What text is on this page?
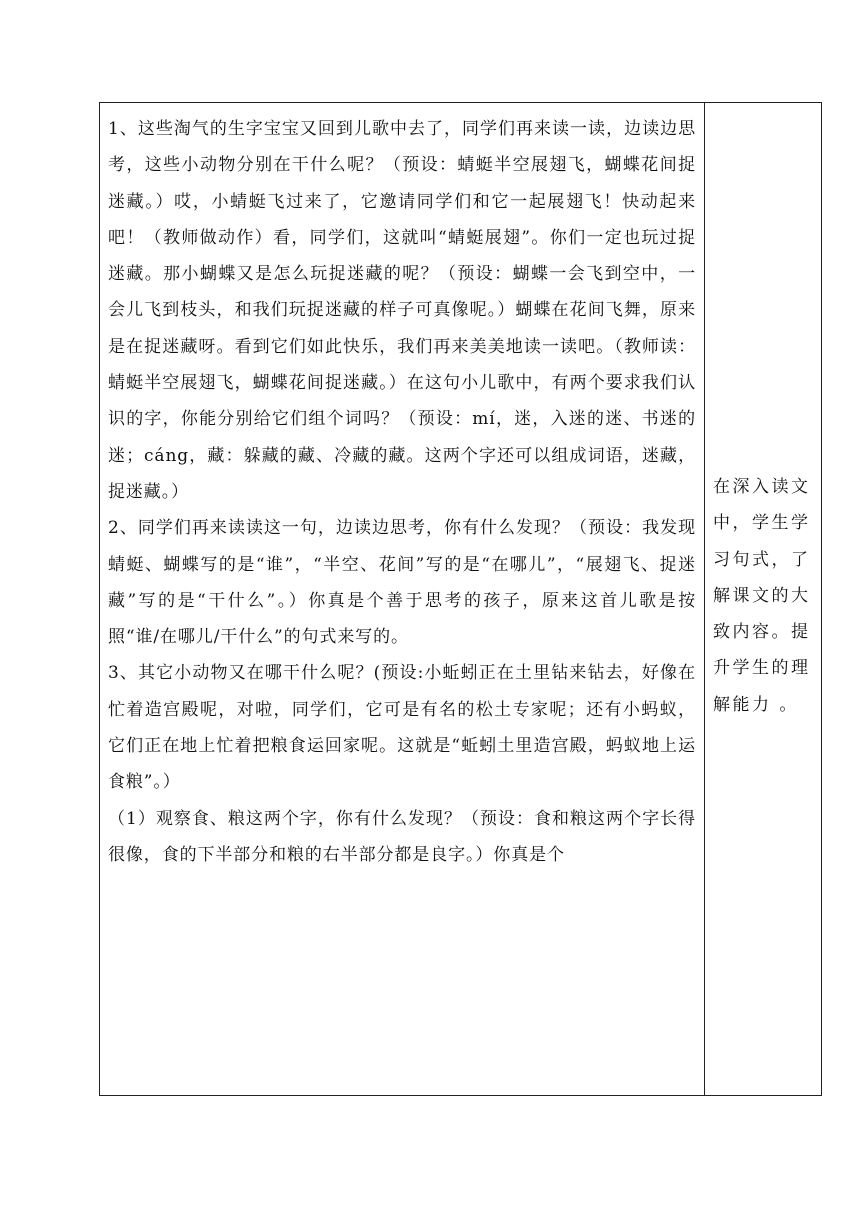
1、这些淘气的生字宝宝又回到儿歌中去了，同学们再来读一读，边读边思考，这些小动物分别在干什么呢？（预设：蜻蜓半空展翅飞，蝴蝶花间捉迷藏。）哎，小蜻蜓飞过来了，它邀请同学们和它一起展翅飞！快动起来吧！（教师做动作）看，同学们，这就叫“蜻蜓展翅”。你们一定也玩过捉迷藏。那小蝴蝶又是怎么玩捉迷藏的呢？（预设：蝴蝶一会飞到空中，一会儿飞到枝头，和我们玩捉迷藏的样子可真像呢。）蝴蝶在花间飞舞，原来是在捉迷藏呀。看到它们如此快乐，我们再来美美地读一读吧。（教师读：蜻蜓半空展翅飞，蝴蝶花间捉迷藏。）在这句小儿歌中，有两个要求我们认识的字，你能分别给它们组个词吗？（预设：mí，迷，入迷的迷、书迷的迷；cáng，藏：躲藏的藏、冷藏的藏。这两个字还可以组成词语，迷藏，捉迷藏。）

2、同学们再来读读这一句，边读边思考，你有什么发现？（预设：我发现蜻蜓、蝴蝶写的是“谁”，“半空、花间”写的是“在哪儿”，“展翅飞、捉迷藏”写的是“干什么”。）你真是个善于思考的孩子，原来这首儿歌是按照“谁/在哪儿/干什么”的句式来写的。

3、其它小动物又在哪干什么呢？(预设:小蚯蚓正在土里钻来钻去，好像在忙着造宫殿呢，对啦，同学们，它可是有名的松土专家呢；还有小蚂蚁，它们正在地上忙着把粮食运回家呢。这就是“蚯蚓土里造宫殿，蚂蚁地上运食粮”。）

（1）观察食、粮这两个字，你有什么发现？（预设：食和粮这两个字长得很像，食的下半部分和粮的右半部分都是良字。）你真是个

在深入读文中，学生学习句式，了解课文的大致内容。提升学生的理解能力 。
